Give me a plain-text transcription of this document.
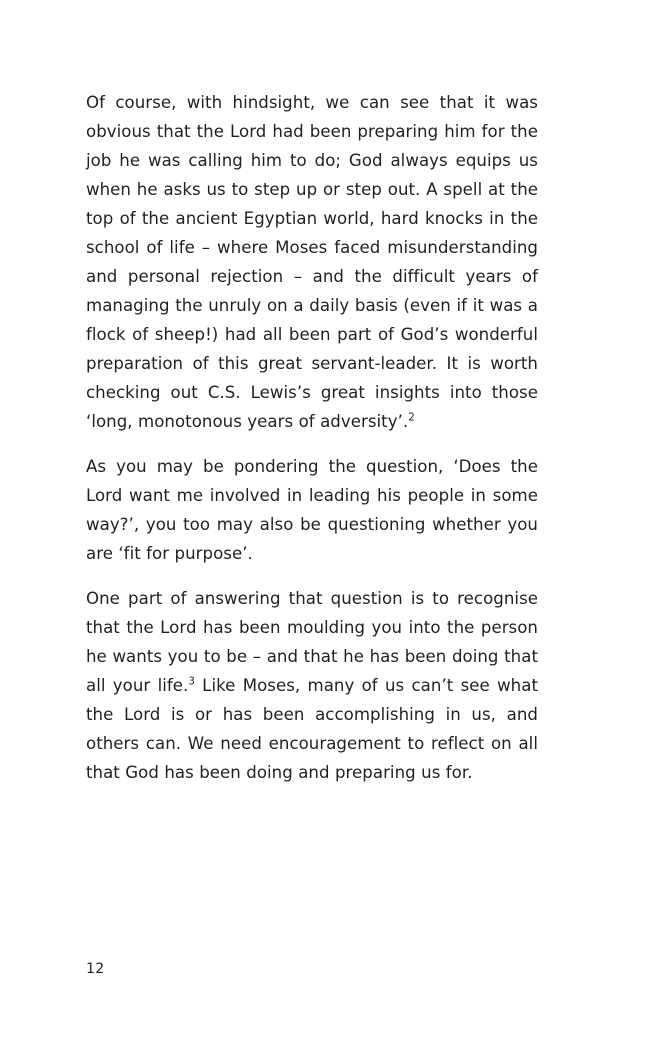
Of course, with hindsight, we can see that it was obvious that the Lord had been preparing him for the job he was calling him to do; God always equips us when he asks us to step up or step out. A spell at the top of the ancient Egyptian world, hard knocks in the school of life – where Moses faced misunderstanding and personal rejection – and the difficult years of managing the unruly on a daily basis (even if it was a flock of sheep!) had all been part of God’s wonderful preparation of this great servant-leader. It is worth checking out C.S. Lewis’s great insights into those ‘long, monotonous years of adversity’.$^2$

As you may be pondering the question, ‘Does the Lord want me involved in leading his people in some way?’, you too may also be questioning whether you are ‘fit for purpose’.

One part of answering that question is to recognise that the Lord has been moulding you into the person he wants you to be – and that he has been doing that all your life.$^3$ Like Moses, many of us can’t see what the Lord is or has been accomplishing in us, and others can. We need encouragement to reflect on all that God has been doing and preparing us for.

12
